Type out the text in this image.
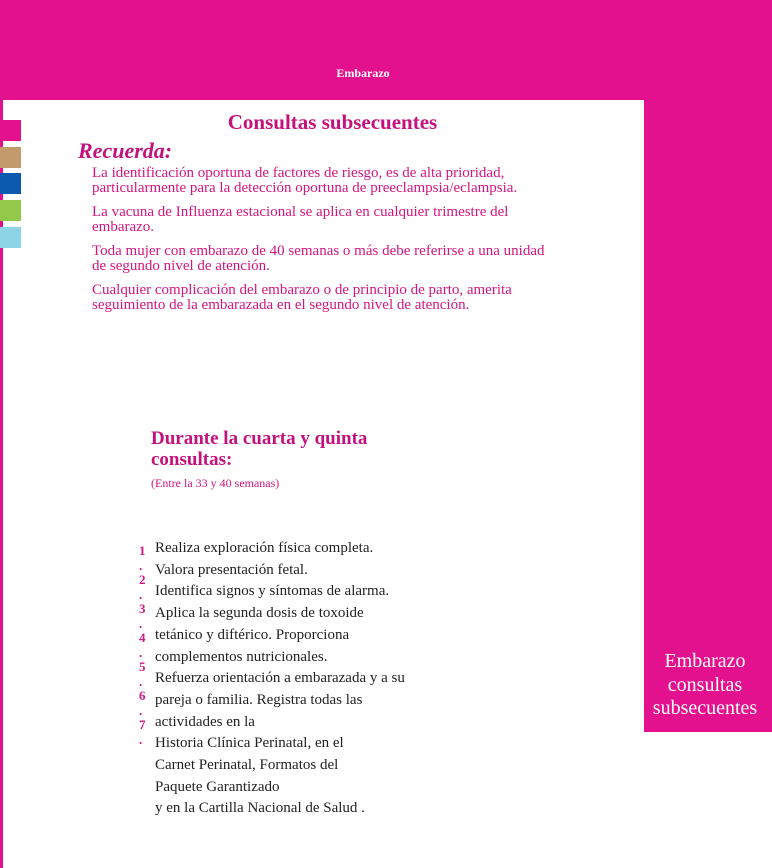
Embarazo
Consultas subsecuentes
Recuerda:

La identificación oportuna de factores de riesgo, es de alta prioridad, particularmente para la detección oportuna de preeclampsia/eclampsia.

La vacuna de Influenza estacional se aplica en cualquier trimestre del embarazo.

Toda mujer con embarazo de 40 semanas o más debe referirse a una unidad de segundo nivel de atención.

Cualquier complicación del embarazo o de principio de parto, amerita seguimiento de la embarazada en el segundo nivel de atención.

Durante la cuarta y quinta consultas:
(Entre la 33 y 40 semanas)
1
.
2
.
3
.
4
.
5
.
6
.
7
.
Realiza exploración física completa.
Valora presentación fetal.
Identifica signos y síntomas de alarma.
Aplica la segunda dosis de toxoide
tetánico y diftérico. Proporciona
complementos nutricionales.
Refuerza orientación a embarazada y a su
pareja o familia. Registra todas las
actividades en la
Historia Clínica Perinatal, en el
Carnet Perinatal, Formatos del
Paquete Garantizado
y en la Cartilla Nacional de Salud .
Embarazo
consultas
subsecuentes
